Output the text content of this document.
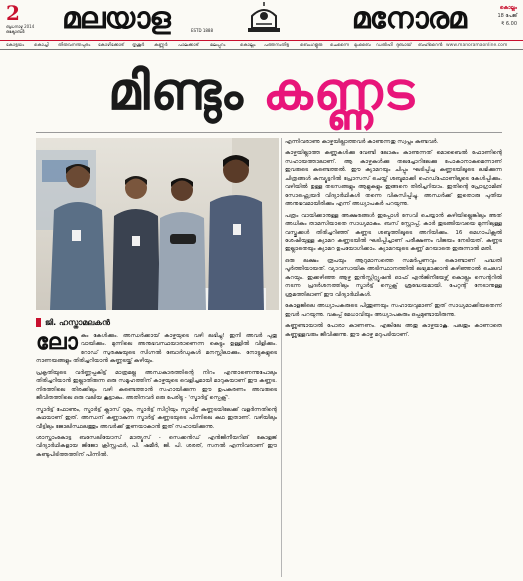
2
ബുധനാഴ്ച 2014 ഒക്ടോബർ	മലയാള	മനോരമ
ESTD 1888
കൊല്ലം
18 പേജ്
₹ 6.00
കോട്ടയം കൊച്ചി തിരുവനന്തപുരം കോഴിക്കോട് തൃശൂർ കണ്ണൂർ പാലക്കാട്	മലപ്പുറം	കൊല്ലം പത്തനംതിട്ട ബെംഗളൂരു ചെന്നൈ മുംബൈ ഡൽഹി ദുബായ് ബഹ്റൈൻ www.manoramaonline.com
മിണ്ടും കണ്ണട
ജി. ഹസ്താമലകൻ

ലോകം കേൾക്കും. അന്ധർക്കായ് കാഴ്ചയുടെ വഴി ലഭിച്ചു! ഇനി അവർ പുതു വായിക്കും. മുന്നിലെ അനുഭവസ്ഥയാരാണെന്ന കെട്ടും ഉള്ളിൽ വിളിക്കും. റോഡ് സുരക്ഷയുടെ സിഗ്നൽ ബോർഡുകൾ മനസ്സിലാക്കും. നോട്ടുകളുടെ നാണയങ്ങളും തിരിച്ചറിയാൻ കണ്ണടയ്ക്ക് കഴിയും.

പ്രകൃതിയുടെ വർണ്ണപ്പകിട്ട് മാത്രമല്ല അന്ധകാരത്തിന്റെ നിറം എന്താണെന്നുപോലും തിരിച്ചറിയാൻ ഇല്ലാതിരുന്ന ഒരു സമൂഹത്തിന് കാഴ്ചയുടെ വെളിച്ചമായി മാറുകയാണ് ഈ കണ്ണട. നിരത്തിലെ തിരക്കിലും വഴി കണ്ടെത്താൻ സഹായിക്കുന്ന ഈ ഉപകരണം അവരുടെ ജീവിതത്തിലെ ഒരു വലിയ കൂട്ടാകും. അതിനവർ ഒരു പേരിട്ടു - 'സ്മാർട്ട് സ്പെക്സ്'.

സ്മാർട്ട് ഫോണും, സ്മാർട്ട് ക്ലാസ് റൂമും, സ്മാർട്ട് സിറ്റിയും സ്മാർട്ട് കണ്ണടയിലേക്ക് വളർന്നതിന്റെ കഥയാണ് ഇത്. അന്ധന് കണ്ണാകുന്ന സ്മാർട്ട് കണ്ണടയുടെ പിന്നിലെ കഥ ഇതാണ്. വഴിയിലും വീട്ടിലും ജോലിസ്ഥലത്തും അവർക്ക് തുണയാകാൻ ഇത് സഹായിക്കുന്നു.

ശാസ്താംകോട്ട ബസേലിയോസ് മാത്യൂസ് - സെക്കൻഡ് എൻജിനീയറിങ് കോളജ് വിദ്യാർഥികളായ ജിജോ ക്രിസ്റ്റഫർ, പി. ഷമീർ, ജി. പി. ശരത്, സനൽ എന്നിവരാണ് ഈ കണ്ടുപിടിത്തത്തിന് പിന്നിൽ.

എന്നിവരാണു കാഴ്ചയില്ലാത്തവർ കാണുന്നതു സ്വപ്നം കണ്ടവർ.

കാഴ്ചയില്ലാത്ത കണ്ണുകൾക്കു വേണ്ടി ലോകം കാണുന്നത് മൊബൈൽ ഫോണിന്റെ സഹായത്താലാണ്. ആ കാഴ്ചകൾക്കു തലച്ചോറിലേക്കു പോകാനാകുമെന്നാണ് ഇവരുടെ കണ്ടെത്തൽ. ഈ ക്യാമറയും ചിപ്പും ഘടിപ്പിച്ച കണ്ണടയിലൂടെ ലഭിക്കുന്ന ചിത്രങ്ങൾ കമ്പ്യൂട്ടറിൽ പ്രോസസ് ചെയ്ത് ശബ്ദമാക്കി ഹെഡ്ഫോണിലൂടെ കേൾപ്പിക്കും. വഴിയിൽ ഉള്ള തടസങ്ങളും ആളുകളും ഇങ്ങനെ തിരിച്ചറിയാം. ഇതിന്റെ പ്രോഗ്രാമിങ് സോഫ്റ്റ്വെയർ വിദ്യാർഥികൾ തന്നെ വികസിപ്പിച്ചു. അന്ധർക്ക് ഇതൊരു പുതിയ അനുഭവമായിരിക്കും എന്ന് അധ്യാപകർ പറയുന്നു.

പത്രം വായിക്കാനുള്ള അക്ഷരങ്ങൾ ഇപ്പോൾ സേവി ചെയ്യാൻ കഴിയില്ലെങ്കിലും അത് അധികം താമസിയാതെ സാധ്യമാകും. ബസ് സ്റ്റോപ്പ്, കാർ തുടങ്ങിയവയെ മുന്നിലുള്ള വസ്തുക്കൾ തിരിച്ചറിഞ്ഞ് കണ്ണട ശബ്ദത്തിലൂടെ അറിയിക്കും. 16 മെഗാപിക്സൽ ശേഷിയുള്ള ക്യാമറ കണ്ണടയിൽ ഘടിപ്പിച്ചാണ് പരീക്ഷണം വിജയം നേടിയത്. കണ്ണട ഇല്ലാതെയും ക്യാമറ ഉപയോഗിക്കാം. ക്യാമറയുടെ കണ്ണ് മറയാതെ ഇരുന്നാൽ മതി.

ഒരു ലക്ഷം രൂപയും ആറുമാസത്തെ സമർപ്പണവും കൊണ്ടാണ് പദ്ധതി പൂർത്തിയായത്. വ്യാവസായിക അടിസ്ഥാനത്തിൽ ലഭ്യമാക്കാൻ കഴിഞ്ഞാൽ ചെലവ് കുറയും. ഇക്കഴിഞ്ഞ ആഴ്ച ഇൻസ്റ്റിറ്റ്യൂഷൻ ഓഫ് എൻജിനീയേഴ്സ് കൊല്ലം സെന്ററിൽ നടന്ന പ്രദർശനത്തിലും സ്മാർട്ട് സ്പെക്സ് ശ്രദ്ധേയമായി. പേറ്റന്റ് നേടാനുള്ള ശ്രമത്തിലാണ് ഈ വിദ്യാർഥികൾ.

കോളജിലെ അധ്യാപകരുടെ പിന്തുണയും സഹായവുമാണ് ഇത് സാധ്യമാക്കിയതെന്ന് ഇവർ പറയുന്നു. വകുപ്പ് മേധാവിയും അധ്യാപകരും ഒപ്പമുണ്ടായിരുന്നു.

കണ്ണുണ്ടായാൽ പോരാ കാണണം. എങ്കിലേ അതു കാഴ്ചയാകൂ. പലതും കാണാതെ കണ്ണുള്ളവരും ജീവിക്കുന്നു. ഈ കാഴ്ച മറുപടിയാണ്.
